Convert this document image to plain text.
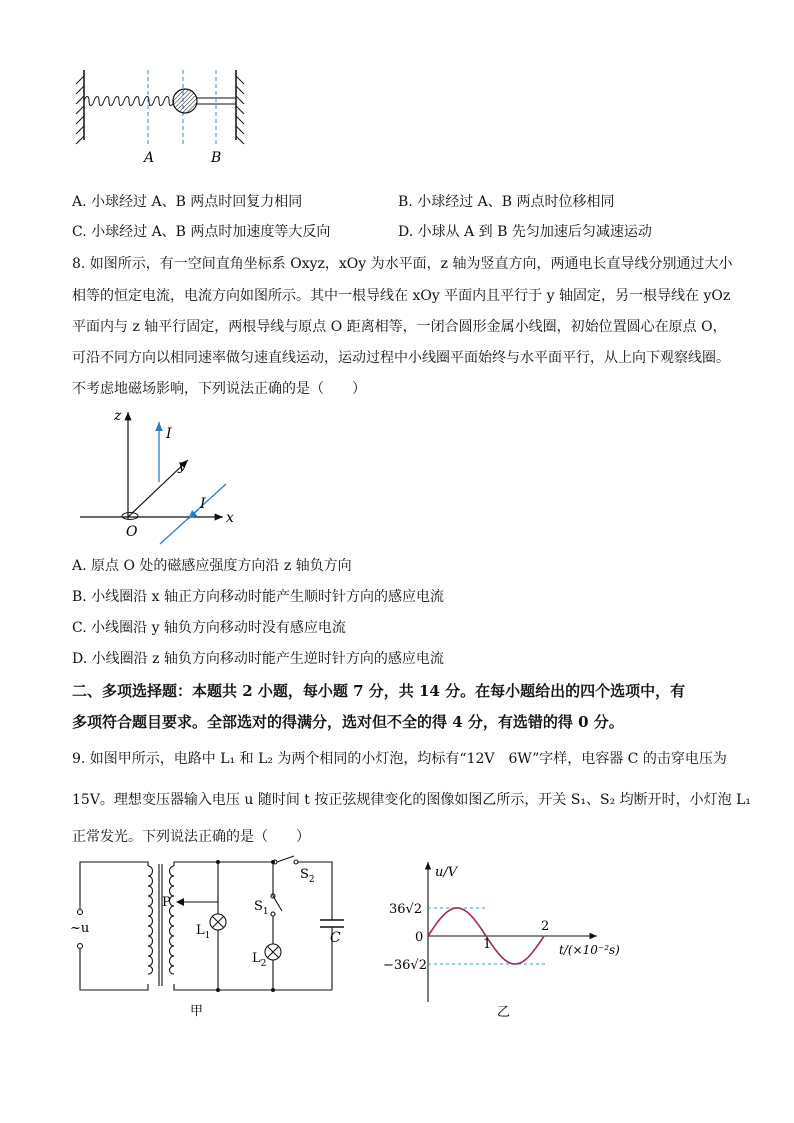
A	B
A. 小球经过 A、B 两点时回复力相同	B. 小球经过 A、B 两点时位移相同
C. 小球经过 A、B 两点时加速度等大反向	D. 小球从 A 到 B 先匀加速后匀减速运动
8. 如图所示，有一空间直角坐标系 Oxyz，xOy 为水平面，z 轴为竖直方向，两通电长直导线分别通过大小
相等的恒定电流，电流方向如图所示。其中一根导线在 xOy 平面内且平行于 y 轴固定，另一根导线在 yOz
平面内与 z 轴平行固定，两根导线与原点 O 距离相等，一闭合圆形金属小线圈，初始位置圆心在原点 O，
可沿不同方向以相同速率做匀速直线运动，运动过程中小线圈平面始终与水平面平行，从上向下观察线圈。
不考虑地磁场影响，下列说法正确的是（　　）
z
y
x
O
I
I
A. 原点 O 处的磁感应强度方向沿 z 轴负方向
B. 小线圈沿 x 轴正方向移动时能产生顺时针方向的感应电流
C. 小线圈沿 y 轴负方向移动时没有感应电流
D. 小线圈沿 z 轴负方向移动时能产生逆时针方向的感应电流
二、多项选择题：本题共 2 小题，每小题 7 分，共 14 分。在每小题给出的四个选项中，有
多项符合题目要求。全部选对的得满分，选对但不全的得 4 分，有选错的得 0 分。
9. 如图甲所示，电路中 L₁ 和 L₂ 为两个相同的小灯泡，均标有“12V　6W”字样，电容器 C 的击穿电压为
15V。理想变压器输入电压 u 随时间 t 按正弦规律变化的图像如图乙所示，开关 S₁、S₂ 均断开时，小灯泡 L₁
正常发光。下列说法正确的是（　　）
~u
P
$L_1$
$L_2$
$S_1$
$S_2$
C
甲
u/V
36√2
0
−36√2
1
2
t/(×10⁻²s)
乙
